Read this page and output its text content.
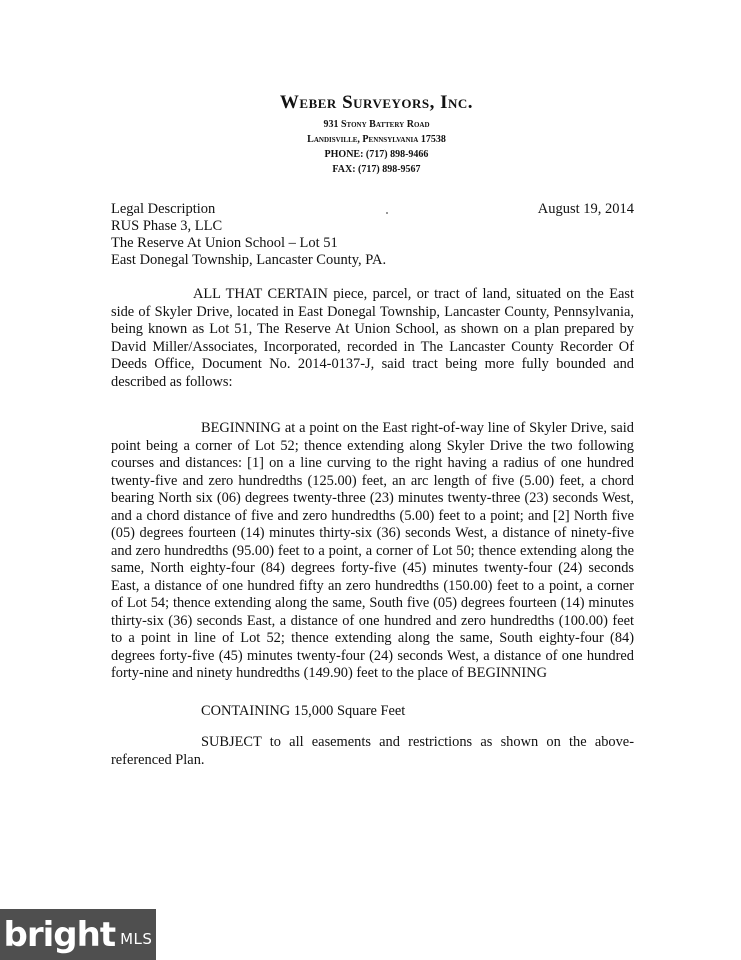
Weber Surveyors, Inc.
931 Stony Battery Road
Landisville, Pennsylvania 17538
PHONE: (717) 898-9466
FAX: (717) 898-9567
Legal Description
RUS Phase 3, LLC
The Reserve At Union School – Lot 51
East Donegal Township, Lancaster County, PA.
August 19, 2014

ALL THAT CERTAIN piece, parcel, or tract of land, situated on the East side of Skyler Drive, located in East Donegal Township, Lancaster County, Pennsylvania, being known as Lot 51, The Reserve At Union School, as shown on a plan prepared by David Miller/Associates, Incorporated, recorded in The Lancaster County Recorder Of Deeds Office, Document No. 2014-0137-J, said tract being more fully bounded and described as follows:

BEGINNING at a point on the East right-of-way line of Skyler Drive, said point being a corner of Lot 52; thence extending along Skyler Drive the two following courses and distances: [1] on a line curving to the right having a radius of one hundred twenty-five and zero hundredths (125.00) feet, an arc length of five (5.00) feet, a chord bearing North six (06) degrees twenty-three (23) minutes twenty-three (23) seconds West, and a chord distance of five and zero hundredths (5.00) feet to a point; and [2] North five (05) degrees fourteen (14) minutes thirty-six (36) seconds West, a distance of ninety-five and zero hundredths (95.00) feet to a point, a corner of Lot 50; thence extending along the same, North eighty-four (84) degrees forty-five (45) minutes twenty-four (24) seconds East, a distance of one hundred fifty an zero hundredths (150.00) feet to a point, a corner of Lot 54; thence extending along the same, South five (05) degrees fourteen (14) minutes thirty-six (36) seconds East, a distance of one hundred and zero hundredths (100.00) feet to a point in line of Lot 52; thence extending along the same, South eighty-four (84) degrees forty-five (45) minutes twenty-four (24) seconds West, a distance of one hundred forty-nine and ninety hundredths (149.90) feet to the place of BEGINNING

CONTAINING 15,000 Square Feet

SUBJECT to all easements and restrictions as shown on the above-referenced Plan.

bright MLS
